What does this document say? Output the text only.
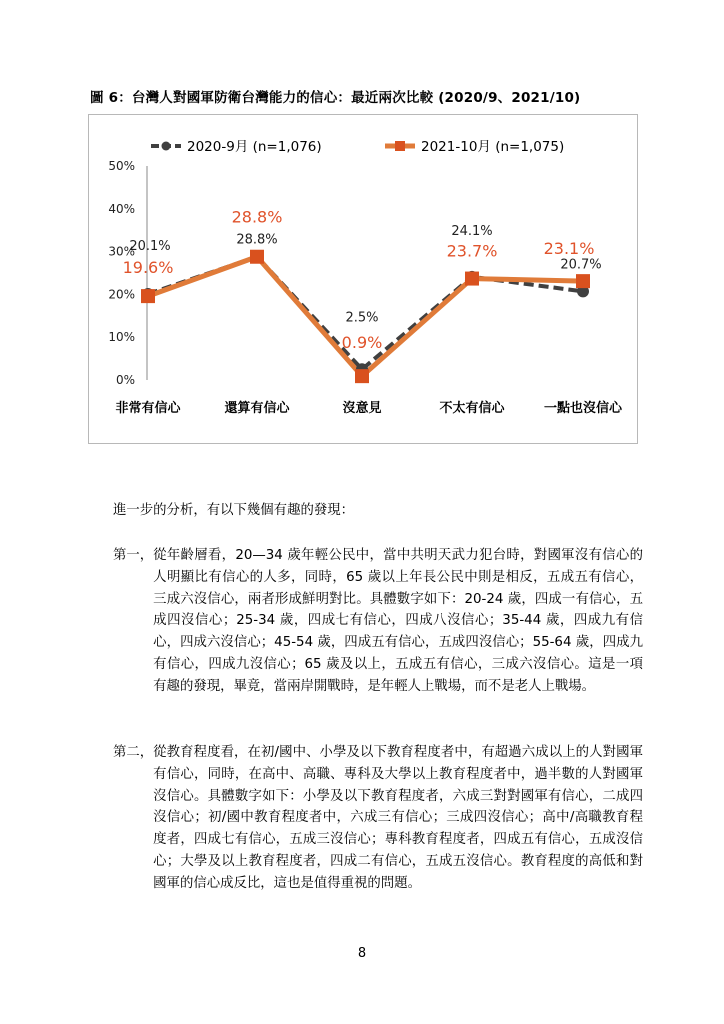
圖 6：台灣人對國軍防衛台灣能力的信心：最近兩次比較 (2020/9、2021/10)
0%
10%
20%
30%
40%
50%
非常有信心	還算有信心	沒意見	不太有信心	一點也沒信心
2020-9月 (n=1,076)	2021-10月 (n=1,075)
20.1%	28.8%
2.5%
24.1%
20.7%
19.6%
28.8%
0.9%
23.7%	23.1%
進一步的分析，有以下幾個有趣的發現：
第一， 從年齡層看，20—34 歲年輕公民中，當中共明天武力犯台時，對國軍沒有信心的人明顯比有信心的人多，同時，65 歲以上年長公民中則是相反，五成五有信心，三成六沒信心，兩者形成鮮明對比。具體數字如下：20-24 歲，四成一有信心，五成四沒信心；25-34 歲，四成七有信心，四成八沒信心；35-44 歲，四成九有信心，四成六沒信心；45-54 歲，四成五有信心，五成四沒信心；55-64 歲，四成九有信心，四成九沒信心；65 歲及以上，五成五有信心，三成六沒信心。這是一項有趣的發現，畢竟，當兩岸開戰時，是年輕人上戰場，而不是老人上戰場。
第二， 從教育程度看，在初/國中、小學及以下教育程度者中，有超過六成以上的人對國軍有信心，同時，在高中、高職、專科及大學以上教育程度者中，過半數的人對國軍沒信心。具體數字如下：小學及以下教育程度者，六成三對對國軍有信心，二成四沒信心；初/國中教育程度者中，六成三有信心；三成四沒信心；高中/高職教育程度者，四成七有信心，五成三沒信心；專科教育程度者，四成五有信心，五成沒信心；大學及以上教育程度者，四成二有信心，五成五沒信心。教育程度的高低和對國軍的信心成反比，這也是值得重視的問題。
8
